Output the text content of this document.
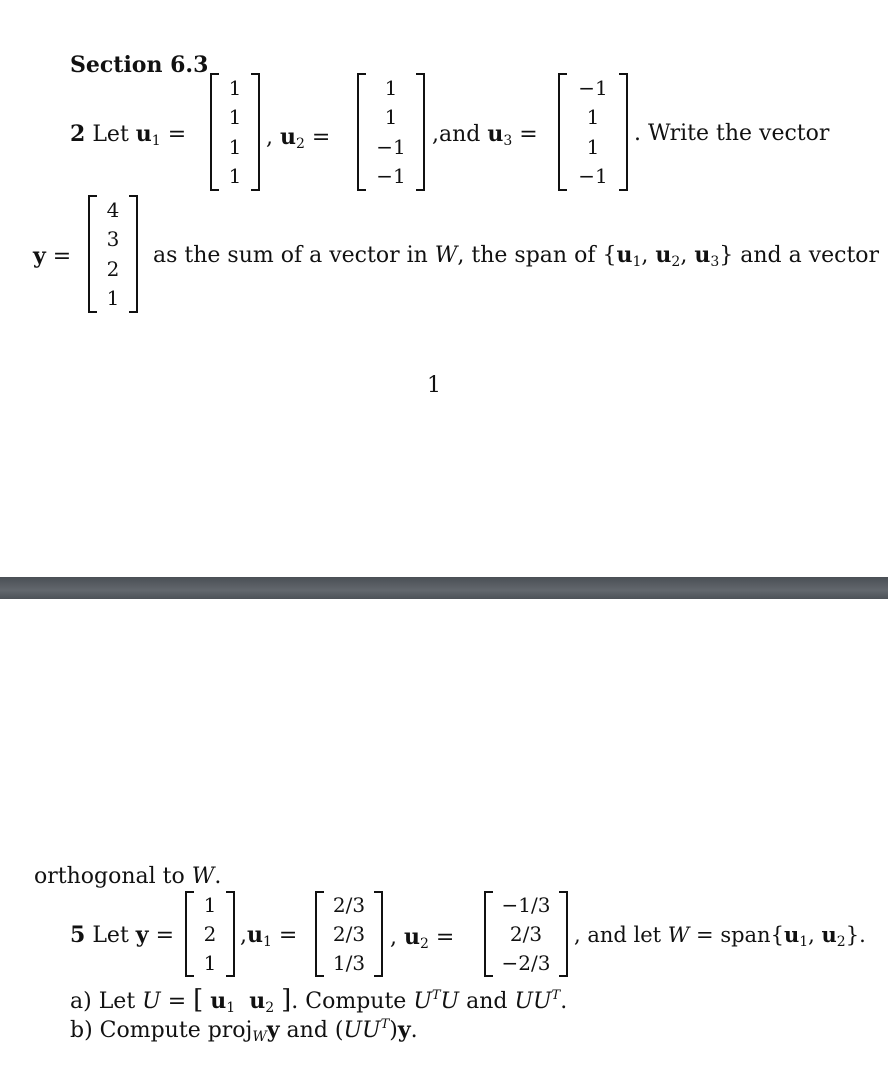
Section 6.3
2 Let $u_1$ =
1
1
1
1
, $u_2$ =
1
1
−1
−1
,and $u_3$ =
−1
1
1
−1
. Write the vector
y =
4
3
2
1
as the sum of a vector in W, the span of {$u_1$, $u_2$, $u_3$} and a vector
1
orthogonal to W.
5 Let y =
1
2
1
$,u_1$ =
2/3
2/3
1/3
, $u_2$ =
−1/3
2/3
−2/3
, and let $W = span\{u_1$, $u_2$}.
a) Let U = [ $u_1$ $u_2$ ]. Compute $U^TU$ and $UU^T$.
b) Compute proj$_W$y and $(UU^T)y$.
